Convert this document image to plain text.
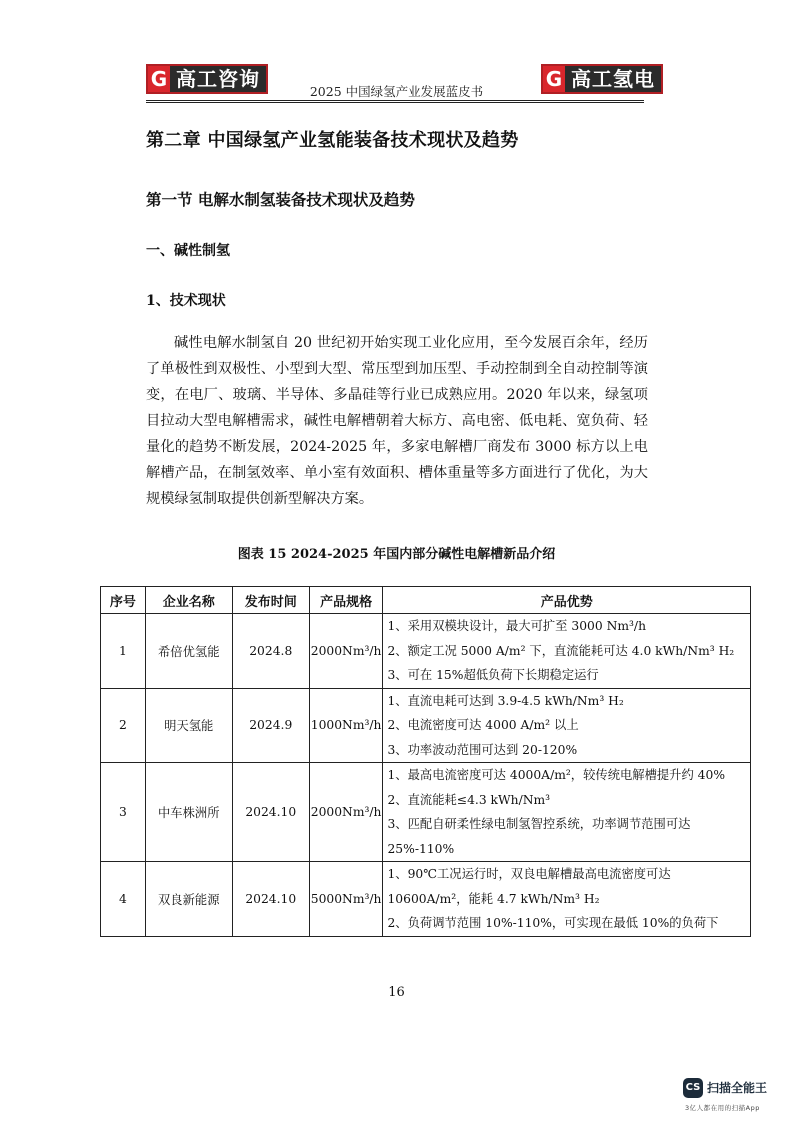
G 高工咨询
2025 中国绿氢产业发展蓝皮书
G 高工氢电
第二章 中国绿氢产业氢能装备技术现状及趋势
第一节 电解水制氢装备技术现状及趋势
一、碱性制氢
1、技术现状

碱性电解水制氢自 20 世纪初开始实现工业化应用，至今发展百余年，经历了单极性到双极性、小型到大型、常压型到加压型、手动控制到全自动控制等演变，在电厂、玻璃、半导体、多晶硅等行业已成熟应用。2020 年以来，绿氢项目拉动大型电解槽需求，碱性电解槽朝着大标方、高电密、低电耗、宽负荷、轻量化的趋势不断发展，2024-2025 年，多家电解槽厂商发布 3000 标方以上电解槽产品，在制氢效率、单小室有效面积、槽体重量等多方面进行了优化，为大规模绿氢制取提供创新型解决方案。

图表 15 2024-2025 年国内部分碱性电解槽新品介绍
序号	企业名称	发布时间	产品规格	产品优势
1	希倍优氢能	2024.8	2000Nm³/h	1、采用双模块设计，最大可扩至 3000 Nm³/h
2、额定工况 5000 A/m² 下，直流能耗可达 4.0 kWh/Nm³ H₂
3、可在 15%超低负荷下长期稳定运行

2	明天氢能	2024.9	1000Nm³/h	1、直流电耗可达到 3.9-4.5 kWh/Nm³ H₂
2、电流密度可达 4000 A/m² 以上
3、功率波动范围可达到 20-120%

3	中车株洲所	2024.10	2000Nm³/h	1、最高电流密度可达 4000A/m²，较传统电解槽提升约 40%
2、直流能耗≤4.3 kWh/Nm³
3、匹配自研柔性绿电制氢智控系统，功率调节范围可达
25%-110%

4	双良新能源	2024.10	5000Nm³/h	1、90℃工况运行时，双良电解槽最高电流密度可达
10600A/m²，能耗 4.7 kWh/Nm³ H₂
2、负荷调节范围 10%-110%，可实现在最低 10%的负荷下
16
CS 扫描全能王
3亿人都在用的扫描App
